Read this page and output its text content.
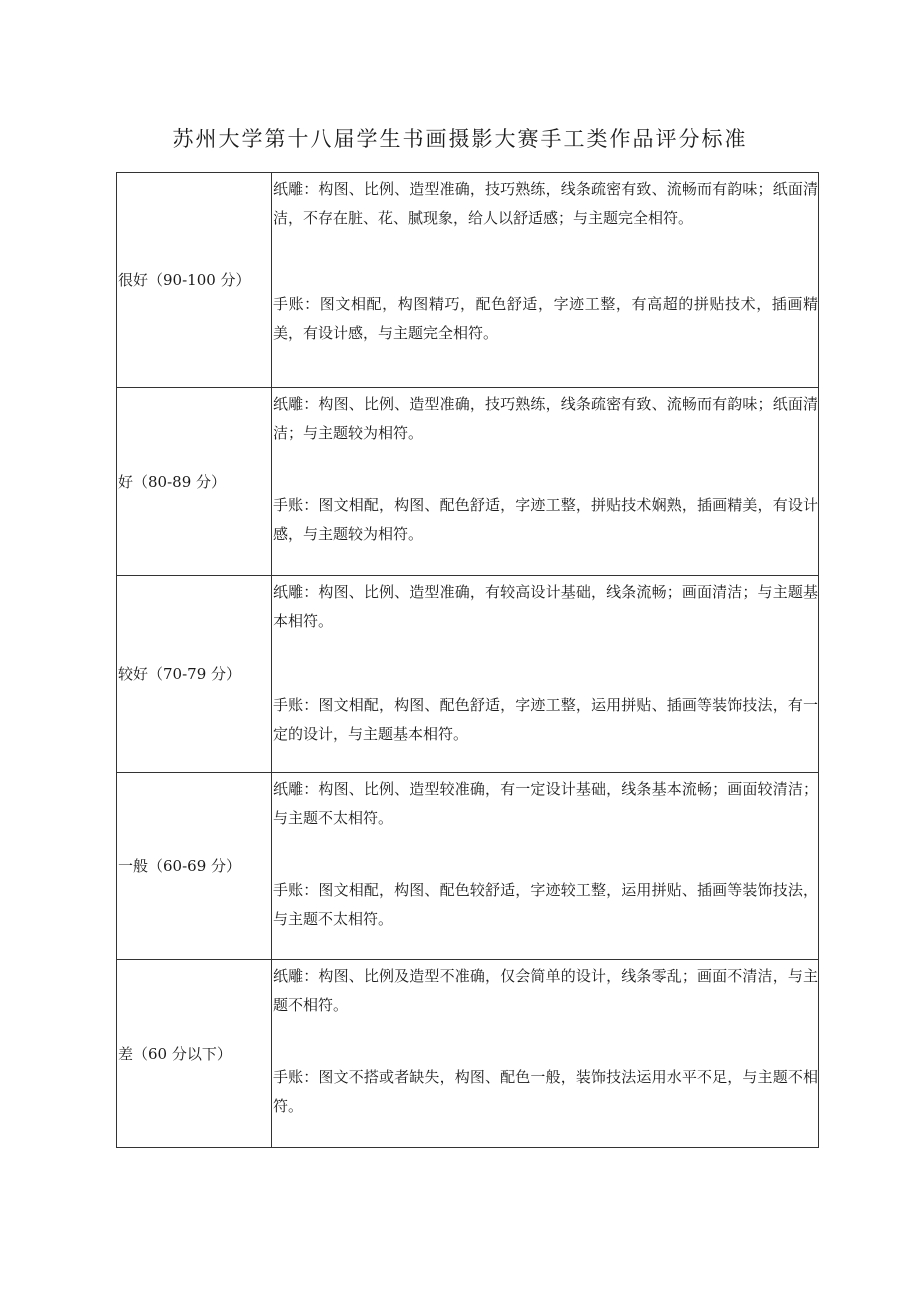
苏州大学第十八届学生书画摄影大赛手工类作品评分标准
很好（90-100 分）	纸雕：构图、比例、造型准确，技巧熟练，线条疏密有致、流畅而有韵味；纸面清洁，不存在脏、花、腻现象，给人以舒适感；与主题完全相符。

手账：图文相配，构图精巧，配色舒适，字迹工整，有高超的拼贴技术，插画精美，有设计感，与主题完全相符。

好（80-89 分）	纸雕：构图、比例、造型准确，技巧熟练，线条疏密有致、流畅而有韵味；纸面清洁；与主题较为相符。

手账：图文相配，构图、配色舒适，字迹工整，拼贴技术娴熟，插画精美，有设计感，与主题较为相符。

较好（70-79 分）	纸雕：构图、比例、造型准确，有较高设计基础，线条流畅；画面清洁；与主题基本相符。

手账：图文相配，构图、配色舒适，字迹工整，运用拼贴、插画等装饰技法，有一定的设计，与主题基本相符。

一般（60-69 分）	纸雕：构图、比例、造型较准确，有一定设计基础，线条基本流畅；画面较清洁；与主题不太相符。

手账：图文相配，构图、配色较舒适，字迹较工整，运用拼贴、插画等装饰技法，与主题不太相符。

差（60 分以下）	纸雕：构图、比例及造型不准确，仅会简单的设计，线条零乱；画面不清洁，与主题不相符。

手账：图文不搭或者缺失，构图、配色一般，装饰技法运用水平不足，与主题不相符。
